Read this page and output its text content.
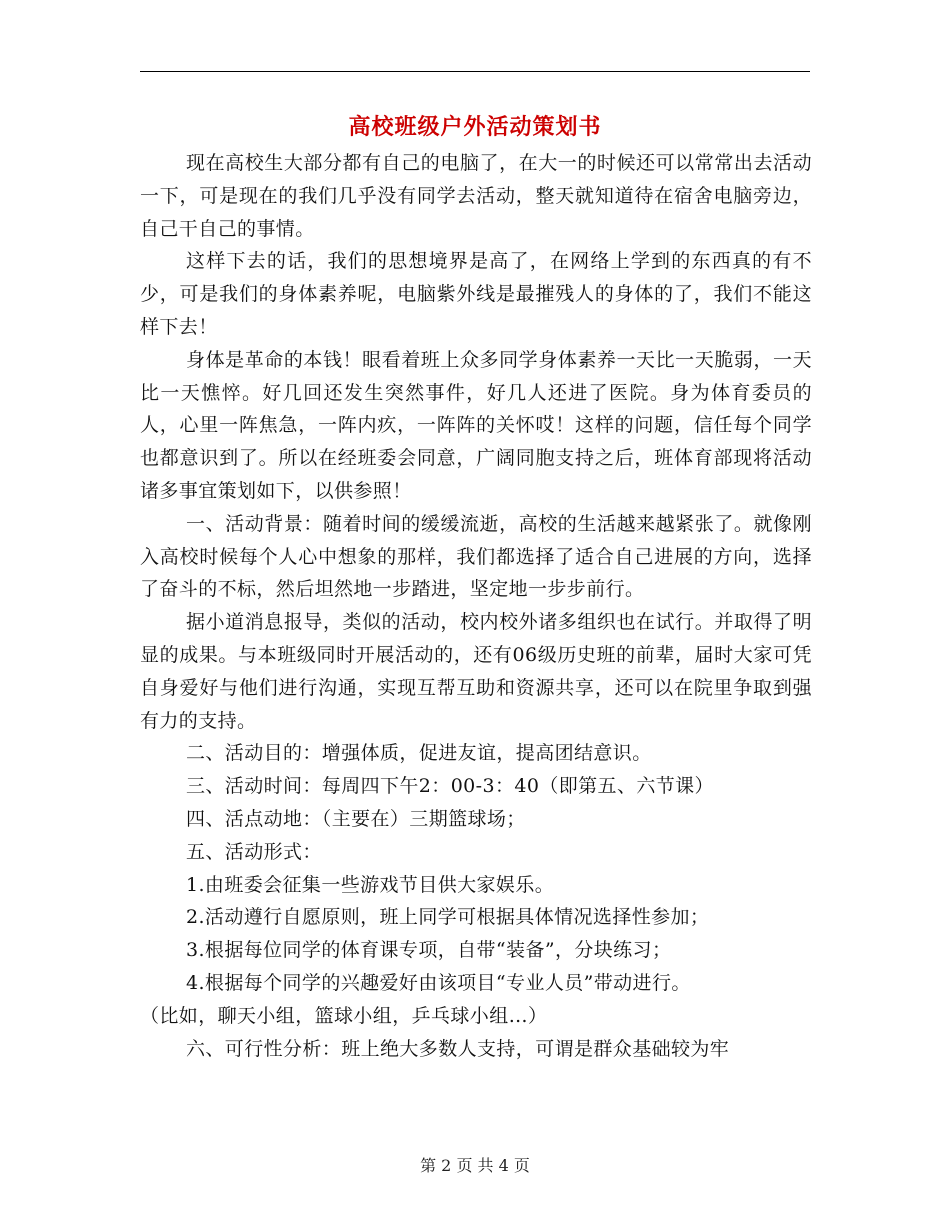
高校班级户外活动策划书

现在高校生大部分都有自己的电脑了，在大一的时候还可以常常出去活动一下，可是现在的我们几乎没有同学去活动，整天就知道待在宿舍电脑旁边，自己干自己的事情。

这样下去的话，我们的思想境界是高了，在网络上学到的东西真的有不少，可是我们的身体素养呢，电脑紫外线是最摧残人的身体的了，我们不能这样下去！

身体是革命的本钱！眼看着班上众多同学身体素养一天比一天脆弱，一天比一天憔悴。好几回还发生突然事件，好几人还进了医院。身为体育委员的人，心里一阵焦急，一阵内疚，一阵阵的关怀哎！这样的问题，信任每个同学也都意识到了。所以在经班委会同意，广阔同胞支持之后，班体育部现将活动诸多事宜策划如下，以供参照！

一、活动背景：随着时间的缓缓流逝，高校的生活越来越紧张了。就像刚入高校时候每个人心中想象的那样，我们都选择了适合自己进展的方向，选择了奋斗的不标，然后坦然地一步踏进，坚定地一步步前行。

据小道消息报导，类似的活动，校内校外诸多组织也在试行。并取得了明显的成果。与本班级同时开展活动的，还有06级历史班的前辈，届时大家可凭自身爱好与他们进行沟通，实现互帮互助和资源共享，还可以在院里争取到强有力的支持。

二、活动目的：增强体质，促进友谊，提高团结意识。

三、活动时间：每周四下午2：00-3：40（即第五、六节课）

四、活点动地：（主要在）三期篮球场；

五、活动形式：

1.由班委会征集一些游戏节目供大家娱乐。

2.活动遵行自愿原则，班上同学可根据具体情况选择性参加；

3.根据每位同学的体育课专项，自带“装备”，分块练习；

4.根据每个同学的兴趣爱好由该项目“专业人员”带动进行。

（比如，聊天小组，篮球小组，乒乓球小组…）

六、可行性分析：班上绝大多数人支持，可谓是群众基础较为牢

第 2 页 共 4 页
